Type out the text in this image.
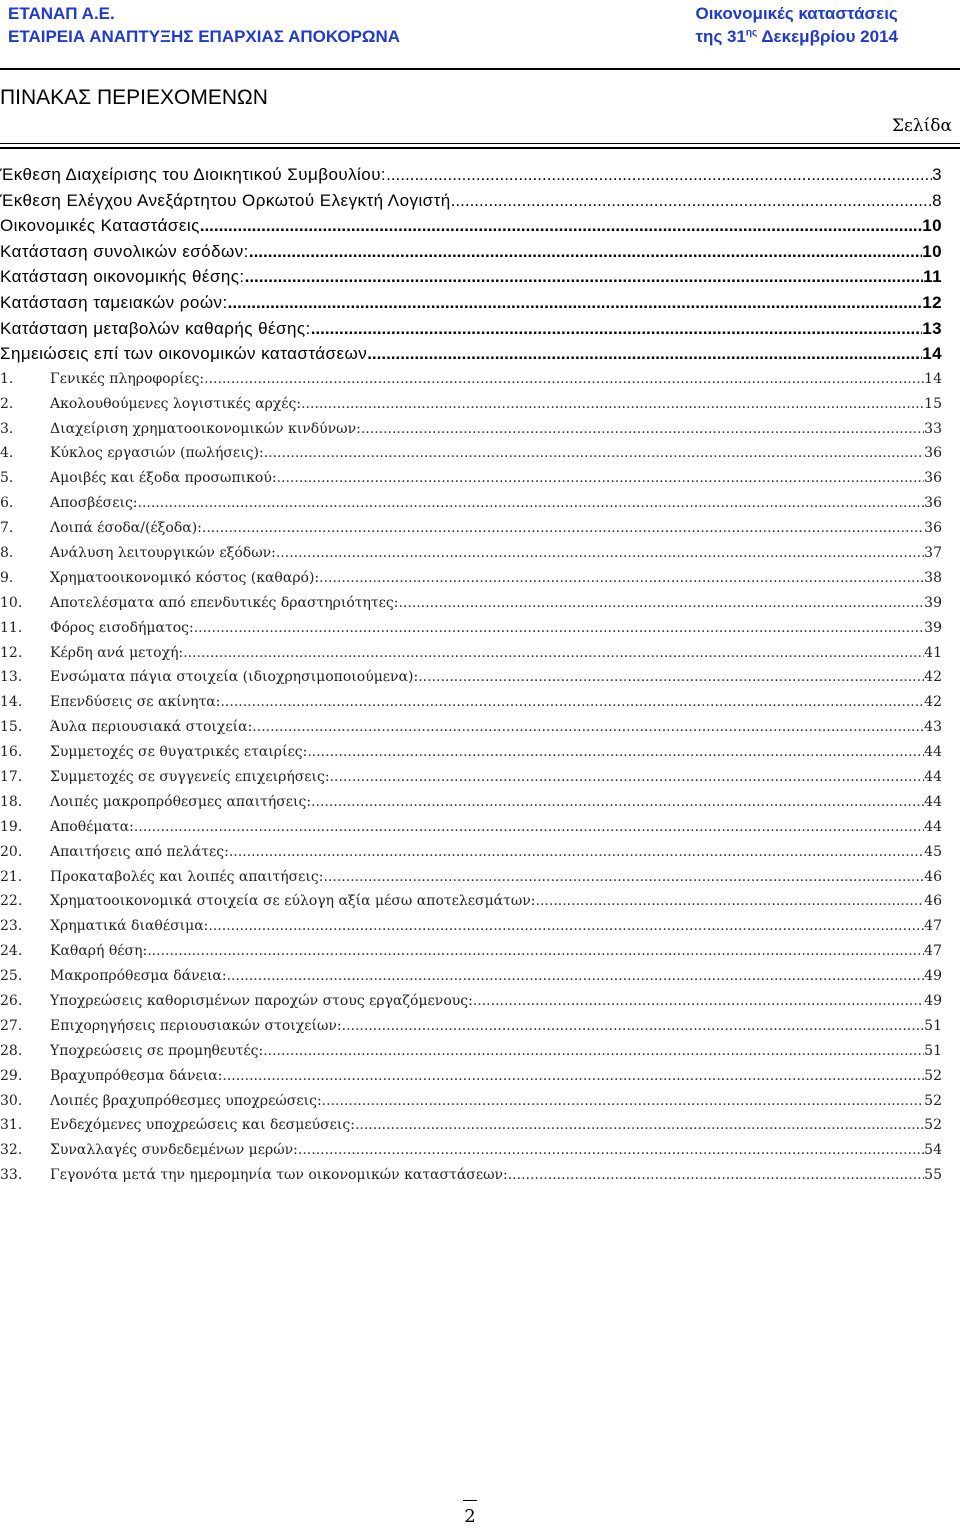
ΕΤΑΝΑΠ Α.Ε.
ΕΤΑΙΡΕΙΑ ΑΝΑΠΤΥΞΗΣ ΕΠΑΡΧΙΑΣ ΑΠΟΚΟΡΩΝΑ
Οικονομικές καταστάσεις
της $31^{\eta\varsigma}$ Δεκεμβρίου 2014
ΠΙΝΑΚΑΣ ΠΕΡΙΕΧΟΜΕΝΩΝ
Σελίδα
Έκθεση Διαχείρισης του Διοικητικού Συμβουλίου: .....	3
Έκθεση Ελέγχου Ανεξάρτητου Ορκωτού Ελεγκτή Λογιστή .....	8
Οικονομικές Καταστάσεις .....	10
Κατάσταση συνολικών εσόδων: .....	10
Κατάσταση οικονομικής θέσης: .....	11
Κατάσταση ταμειακών ροών: .....	12
Κατάσταση μεταβολών καθαρής θέσης: .....	13
Σημειώσεις επί των οικονομικών καταστάσεων .....	14
1.	Γενικές πληροφορίες: .....	14
2.	Ακολουθούμενες λογιστικές αρχές: .....	15
3.	Διαχείριση χρηματοοικονομικών κινδύνων: .....	33
4.	Κύκλος εργασιών (πωλήσεις): .....	36
5.	Αμοιβές και έξοδα προσωπικού: .....	36
6.	Αποσβέσεις: .....	36
7.	Λοιπά έσοδα/(έξοδα): .....	36
8.	Ανάλυση λειτουργικών εξόδων: .....	37
9.	Χρηματοοικονομικό κόστος (καθαρό): .....	38
10.	Αποτελέσματα από επενδυτικές δραστηριότητες: .....	39
11.	Φόρος εισοδήματος: .....	39
12.	Κέρδη ανά μετοχή: .....	41
13.	Ενσώματα πάγια στοιχεία (ιδιοχρησιμοποιούμενα): .....	42
14.	Επενδύσεις σε ακίνητα: .....	42
15.	Άυλα περιουσιακά στοιχεία: .....	43
16.	Συμμετοχές σε θυγατρικές εταιρίες: .....	44
17.	Συμμετοχές σε συγγενείς επιχειρήσεις: .....	44
18.	Λοιπές μακροπρόθεσμες απαιτήσεις: .....	44
19.	Αποθέματα: .....	44
20.	Απαιτήσεις από πελάτες: .....	45
21.	Προκαταβολές και λοιπές απαιτήσεις: .....	46
22.	Χρηματοοικονομικά στοιχεία σε εύλογη αξία μέσω αποτελεσμάτων: .....	46
23.	Χρηματικά διαθέσιμα: .....	47
24.	Καθαρή θέση: .....	47
25.	Μακροπρόθεσμα δάνεια: .....	49
26.	Υποχρεώσεις καθορισμένων παροχών στους εργαζόμενους: .....	49
27.	Επιχορηγήσεις περιουσιακών στοιχείων: .....	51
28.	Υποχρεώσεις σε προμηθευτές: .....	51
29.	Βραχυπρόθεσμα δάνεια: .....	52
30.	Λοιπές βραχυπρόθεσμες υποχρεώσεις: .....	52
31.	Ενδεχόμενες υποχρεώσεις και δεσμεύσεις: .....	52
32.	Συναλλαγές συνδεδεμένων μερών: .....	54
33.	Γεγονότα μετά την ημερομηνία των οικονομικών καταστάσεων: .....	55
2
